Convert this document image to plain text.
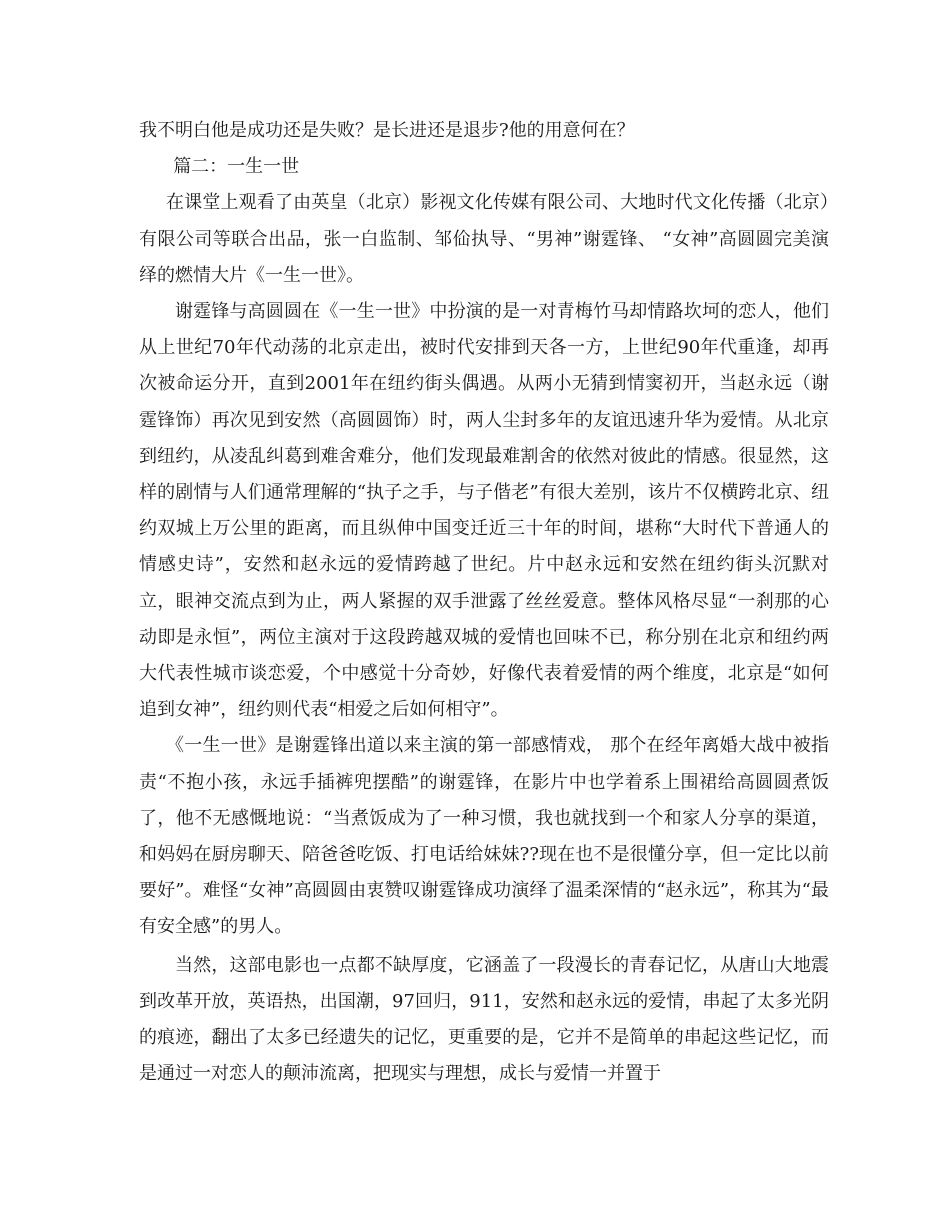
我不明白他是成功还是失败？是长进还是退步?他的用意何在？

篇二：一生一世

在课堂上观看了由英皇（北京）影视文化传媒有限公司、大地时代文化传播（北京）有限公司等联合出品，张一白监制、邹佡执导、“男神”谢霆锋、 “女神”高圆圆完美演绎的燃情大片《一生一世》。

谢霆锋与高圆圆在《一生一世》中扮演的是一对青梅竹马却情路坎坷的恋人，他们从上世纪70年代动荡的北京走出，被时代安排到天各一方，上世纪90年代重逢，却再次被命运分开，直到2001年在纽约街头偶遇。从两小无猜到情窦初开，当赵永远（谢霆锋饰）再次见到安然（高圆圆饰）时，两人尘封多年的友谊迅速升华为爱情。从北京到纽约，从凌乱纠葛到难舍难分，他们发现最难割舍的依然对彼此的情感。很显然，这样的剧情与人们通常理解的“执子之手，与子偕老”有很大差别，该片不仅横跨北京、纽约双城上万公里的距离，而且纵伸中国变迁近三十年的时间，堪称“大时代下普通人的情感史诗”，安然和赵永远的爱情跨越了世纪。片中赵永远和安然在纽约街头沉默对立，眼神交流点到为止，两人紧握的双手泄露了丝丝爱意。整体风格尽显“一刹那的心动即是永恒”，两位主演对于这段跨越双城的爱情也回味不已，称分别在北京和纽约两大代表性城市谈恋爱，个中感觉十分奇妙，好像代表着爱情的两个维度，北京是“如何追到女神”，纽约则代表“相爱之后如何相守”。

《一生一世》是谢霆锋出道以来主演的第一部感情戏， 那个在经年离婚大战中被指责“不抱小孩，永远手插裤兜摆酷”的谢霆锋，在影片中也学着系上围裙给高圆圆煮饭了，他不无感慨地说：“当煮饭成为了一种习惯，我也就找到一个和家人分享的渠道，和妈妈在厨房聊天、陪爸爸吃饭、打电话给妹妹??现在也不是很懂分享，但一定比以前要好”。难怪“女神”高圆圆由衷赞叹谢霆锋成功演绎了温柔深情的“赵永远”，称其为“最有安全感”的男人。

当然，这部电影也一点都不缺厚度，它涵盖了一段漫长的青春记忆，从唐山大地震到改革开放，英语热，出国潮，97回归，911，安然和赵永远的爱情，串起了太多光阴的痕迹，翻出了太多已经遗失的记忆，更重要的是，它并不是简单的串起这些记忆，而是通过一对恋人的颠沛流离，把现实与理想，成长与爱情一并置于
